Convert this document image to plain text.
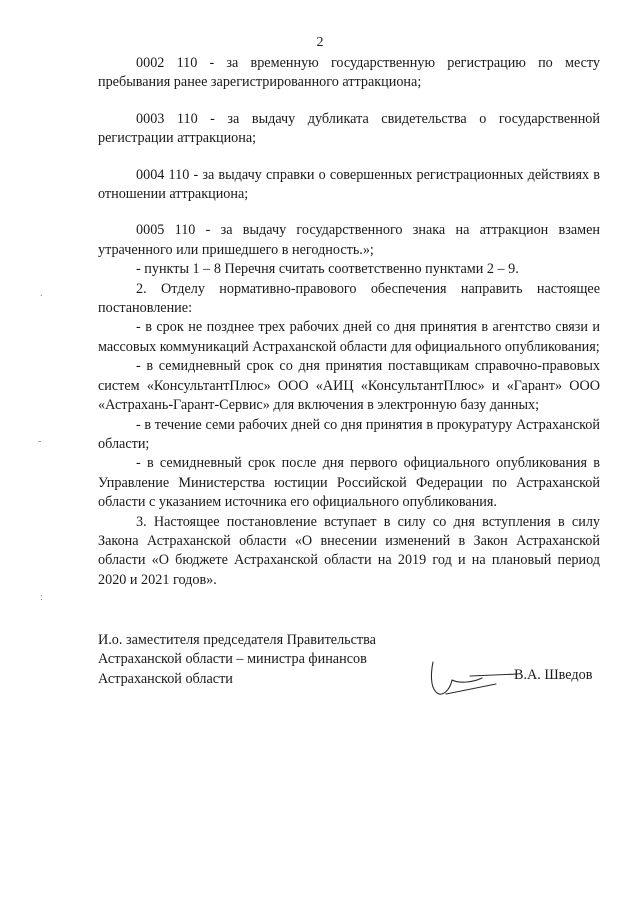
2

0002 110 - за временную государственную регистрацию по месту пребывания ранее зарегистрированного аттракциона;

0003 110 - за выдачу дубликата свидетельства о государственной регистрации аттракциона;

0004 110 - за выдачу справки о совершенных регистрационных действиях в отношении аттракциона;

0005 110 - за выдачу государственного знака на аттракцион взамен утраченного или пришедшего в негодность.»;

- пункты 1 – 8 Перечня считать соответственно пунктами 2 – 9.

2. Отделу нормативно-правового обеспечения направить настоящее постановление:

- в срок не позднее трех рабочих дней со дня принятия в агентство связи и массовых коммуникаций Астраханской области для официального опубликования;

- в семидневный срок со дня принятия поставщикам справочно-правовых систем «КонсультантПлюс» ООО «АИЦ «КонсультантПлюс» и «Гарант» ООО «Астрахань-Гарант-Сервис» для включения в электронную базу данных;

- в течение семи рабочих дней со дня принятия в прокуратуру Астраханской области;

- в семидневный срок после дня первого официального опубликования в Управление Министерства юстиции Российской Федерации по Астраханской области с указанием источника его официального опубликования.

3. Настоящее постановление вступает в силу со дня вступления в силу Закона Астраханской области «О внесении изменений в Закон Астраханской области «О бюджете Астраханской области на 2019 год и на плановый период 2020 и 2021 годов».

И.о. заместителя председателя Правительства
Астраханской области – министра финансов
Астраханской области	В.А. Шведов
.
-
:
